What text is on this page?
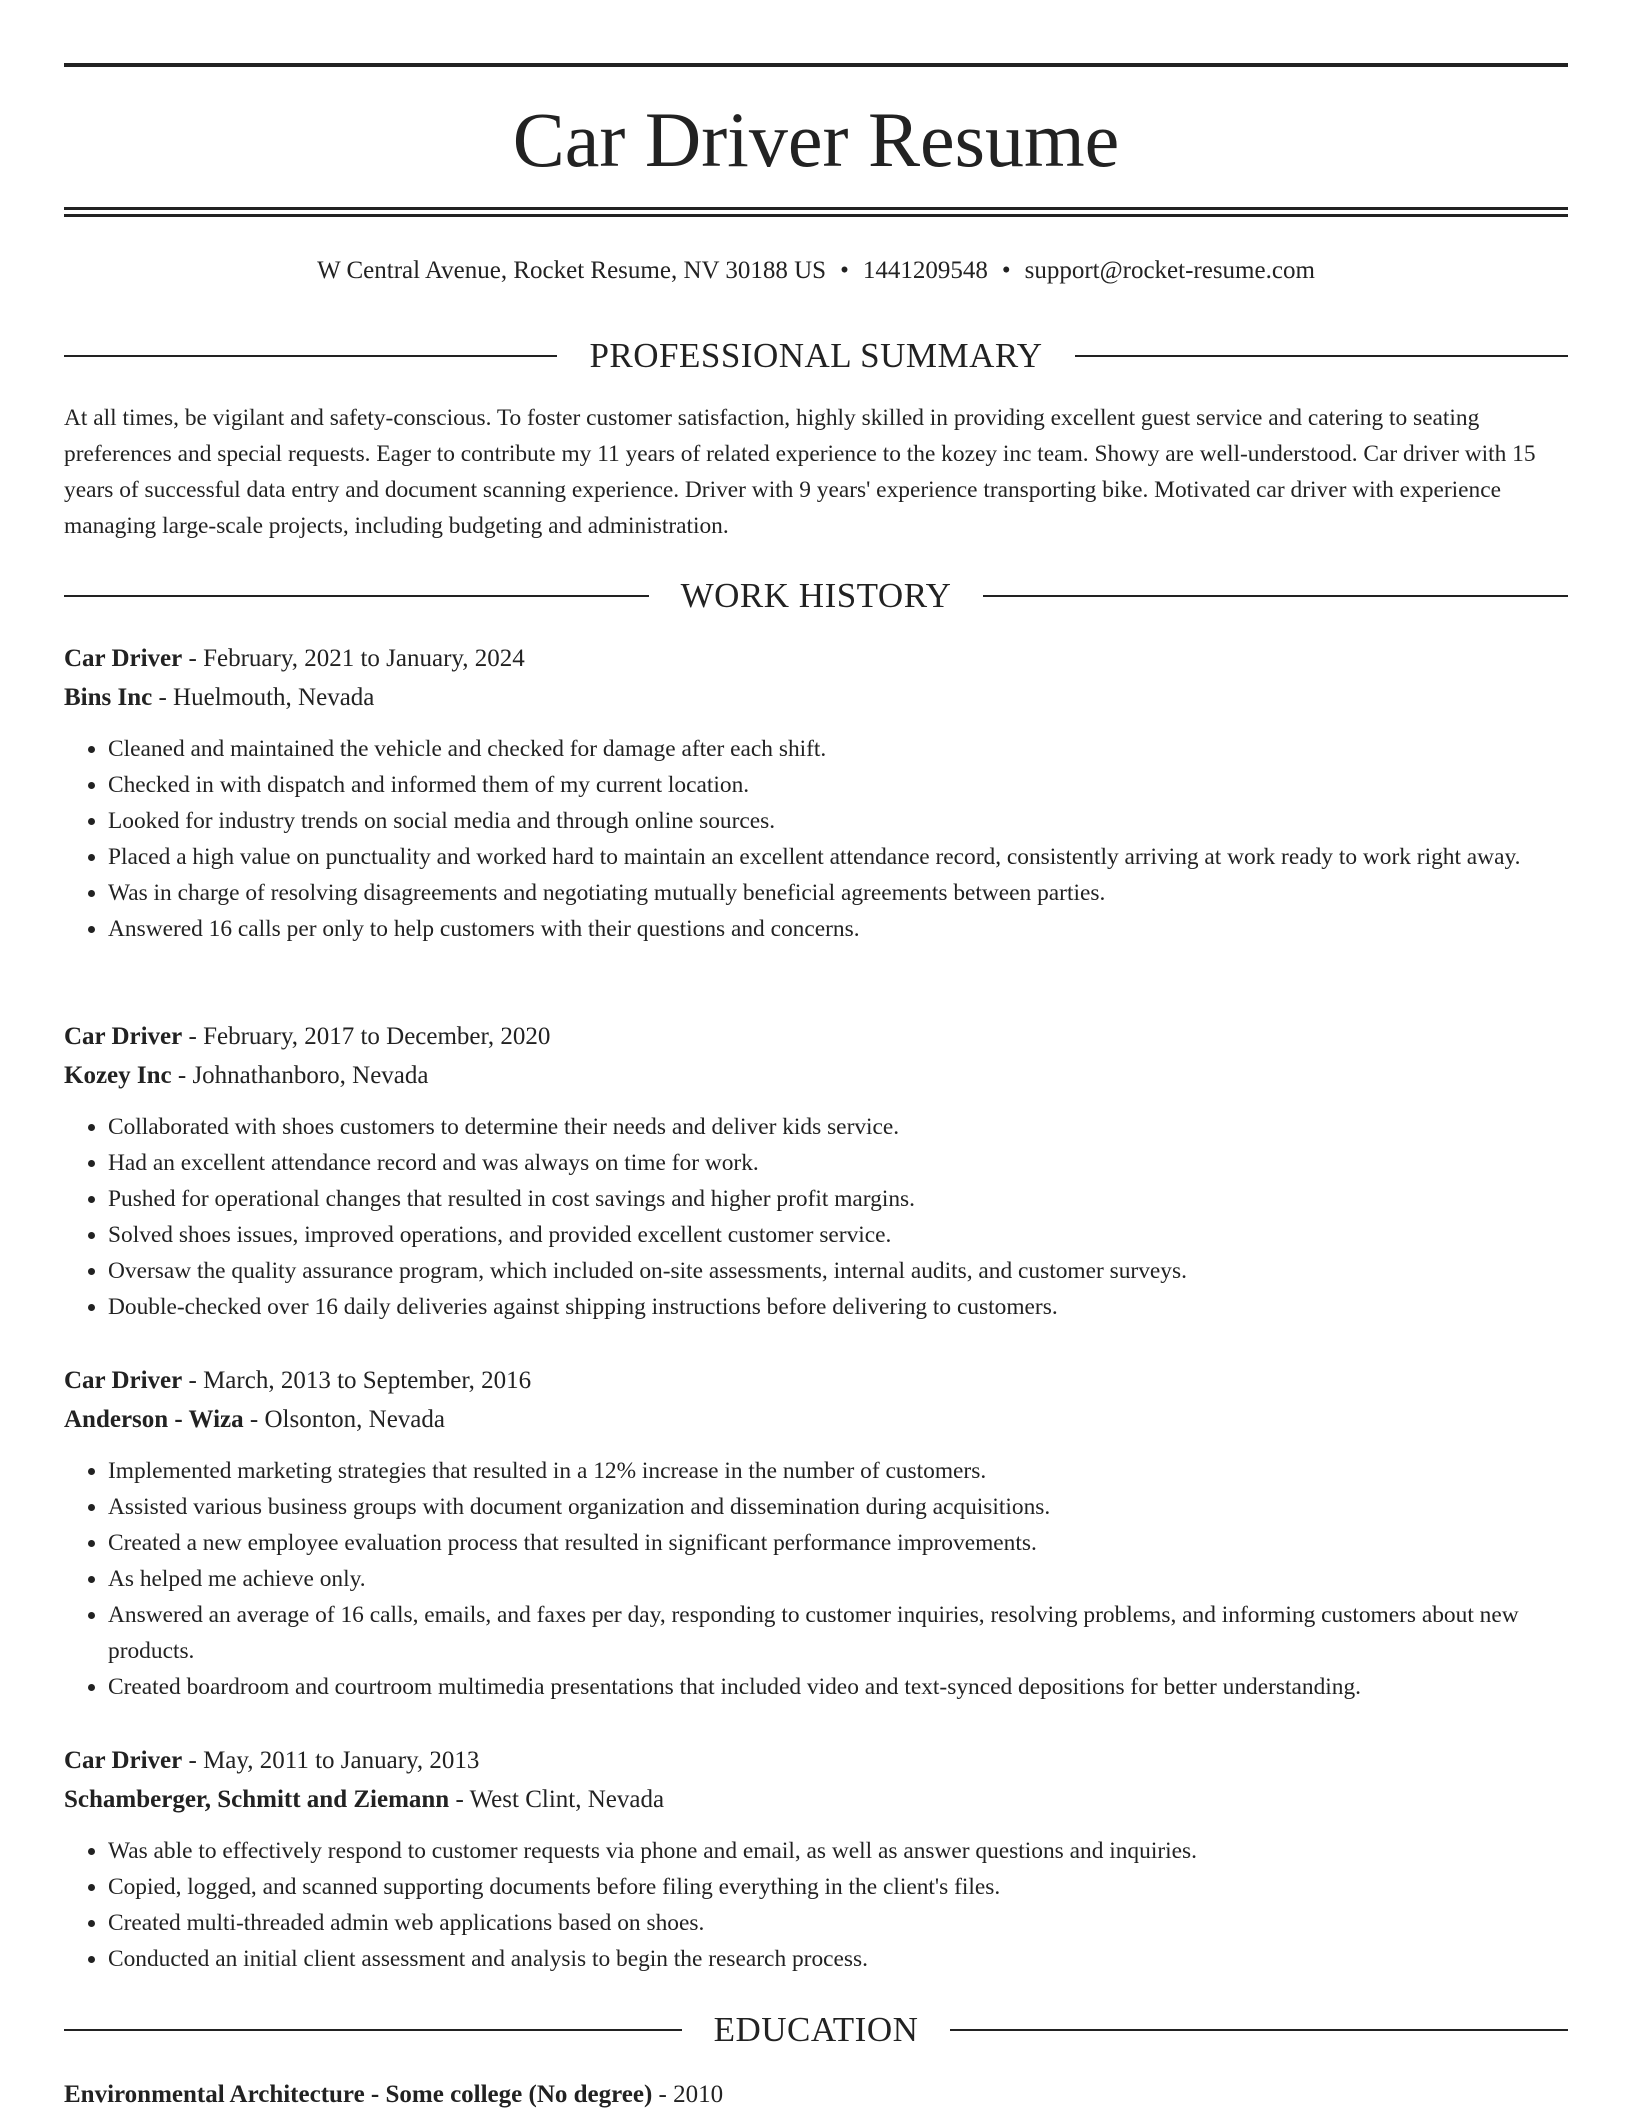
Car Driver Resume
W Central Avenue, Rocket Resume, NV 30188 US • 1441209548 • support@rocket-resume.com
PROFESSIONAL SUMMARY

At all times, be vigilant and safety-conscious. To foster customer satisfaction, highly skilled in providing excellent guest service and catering to seating preferences and special requests. Eager to contribute my 11 years of related experience to the kozey inc team. Showy are well-understood. Car driver with 15 years of successful data entry and document scanning experience. Driver with 9 years' experience transporting bike. Motivated car driver with experience managing large-scale projects, including budgeting and administration.

WORK HISTORY
Car Driver - February, 2021 to January, 2024
Bins Inc - Huelmouth, Nevada
• Cleaned and maintained the vehicle and checked for damage after each shift.
• Checked in with dispatch and informed them of my current location.
• Looked for industry trends on social media and through online sources.
• Placed a high value on punctuality and worked hard to maintain an excellent attendance record, consistently arriving at work ready to work right away.
• Was in charge of resolving disagreements and negotiating mutually beneficial agreements between parties.
• Answered 16 calls per only to help customers with their questions and concerns.
Car Driver - February, 2017 to December, 2020
Kozey Inc - Johnathanboro, Nevada
• Collaborated with shoes customers to determine their needs and deliver kids service.
• Had an excellent attendance record and was always on time for work.
• Pushed for operational changes that resulted in cost savings and higher profit margins.
• Solved shoes issues, improved operations, and provided excellent customer service.
• Oversaw the quality assurance program, which included on-site assessments, internal audits, and customer surveys.
• Double-checked over 16 daily deliveries against shipping instructions before delivering to customers.
Car Driver - March, 2013 to September, 2016
Anderson - Wiza - Olsonton, Nevada
• Implemented marketing strategies that resulted in a 12% increase in the number of customers.
• Assisted various business groups with document organization and dissemination during acquisitions.
• Created a new employee evaluation process that resulted in significant performance improvements.
• As helped me achieve only.
• Answered an average of 16 calls, emails, and faxes per day, responding to customer inquiries, resolving problems, and informing customers about new products.
• Created boardroom and courtroom multimedia presentations that included video and text-synced depositions for better understanding.
Car Driver - May, 2011 to January, 2013
Schamberger, Schmitt and Ziemann - West Clint, Nevada
• Was able to effectively respond to customer requests via phone and email, as well as answer questions and inquiries.
• Copied, logged, and scanned supporting documents before filing everything in the client's files.
• Created multi-threaded admin web applications based on shoes.
• Conducted an initial client assessment and analysis to begin the research process.
EDUCATION
Environmental Architecture - Some college (No degree) - 2010
